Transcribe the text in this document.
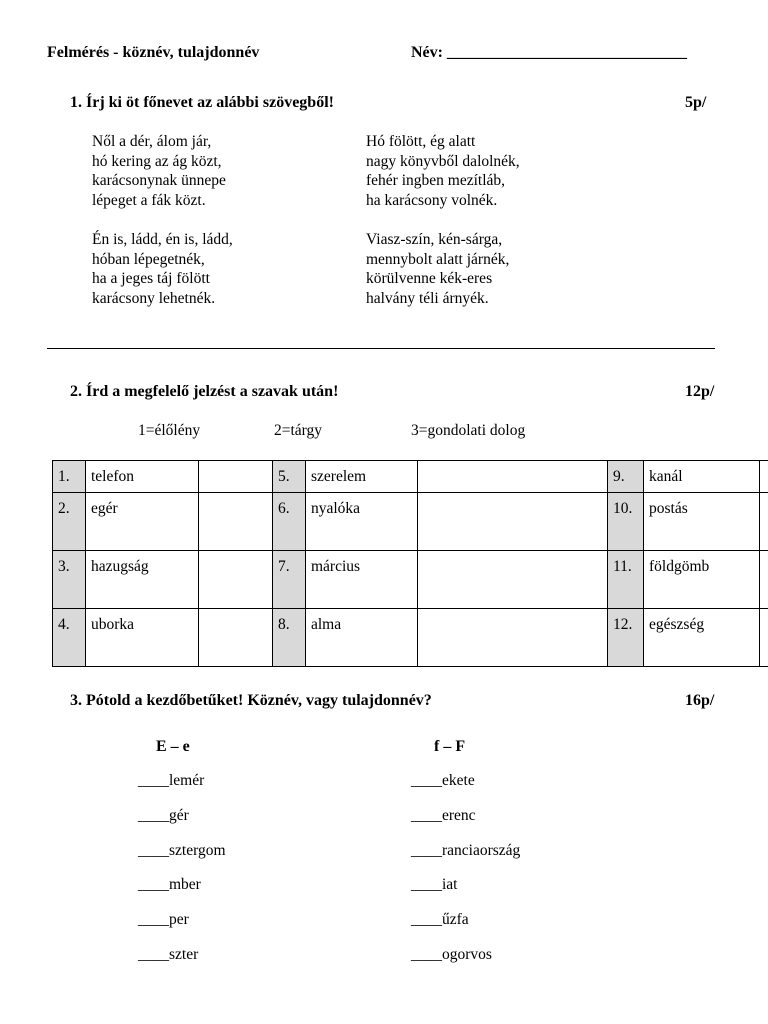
Felmérés - köznév, tulajdonnév	Név: ______________________________
1. Írj ki öt főnevet az alábbi szövegből!	5p/
Nől a dér, álom jár,
hó kering az ág közt,
karácsonynak ünnepe
lépeget a fák közt.
Én is, ládd, én is, ládd,
hóban lépegetnék,
ha a jeges táj fölött
karácsony lehetnék.
Hó fölött, ég alatt
nagy könyvből dalolnék,
fehér ingben mezítláb,
ha karácsony volnék.
Viasz-szín, kén-sárga,
mennybolt alatt járnék,
körülvenne kék-eres
halvány téli árnyék.
2. Írd a megfelelő jelzést a szavak után!	12p/
1=élőlény	2=tárgy	3=gondolati dolog
1.	telefon		5.	szerelem		9.	kanál	

2.	egér		6.	nyalóka		10.	postás	

3.	hazugság		7.	március		11.	földgömb	

4.	uborka		8.	alma		12.	egészség	
3. Pótold a kezdőbetűket! Köznév, vagy tulajdonnév?	16p/
E – e	f – F
____lemér
____gér
____sztergom
____mber
____per
____szter
____ekete
____erenc
____ranciaország
____iat
____űzfa
____ogorvos
